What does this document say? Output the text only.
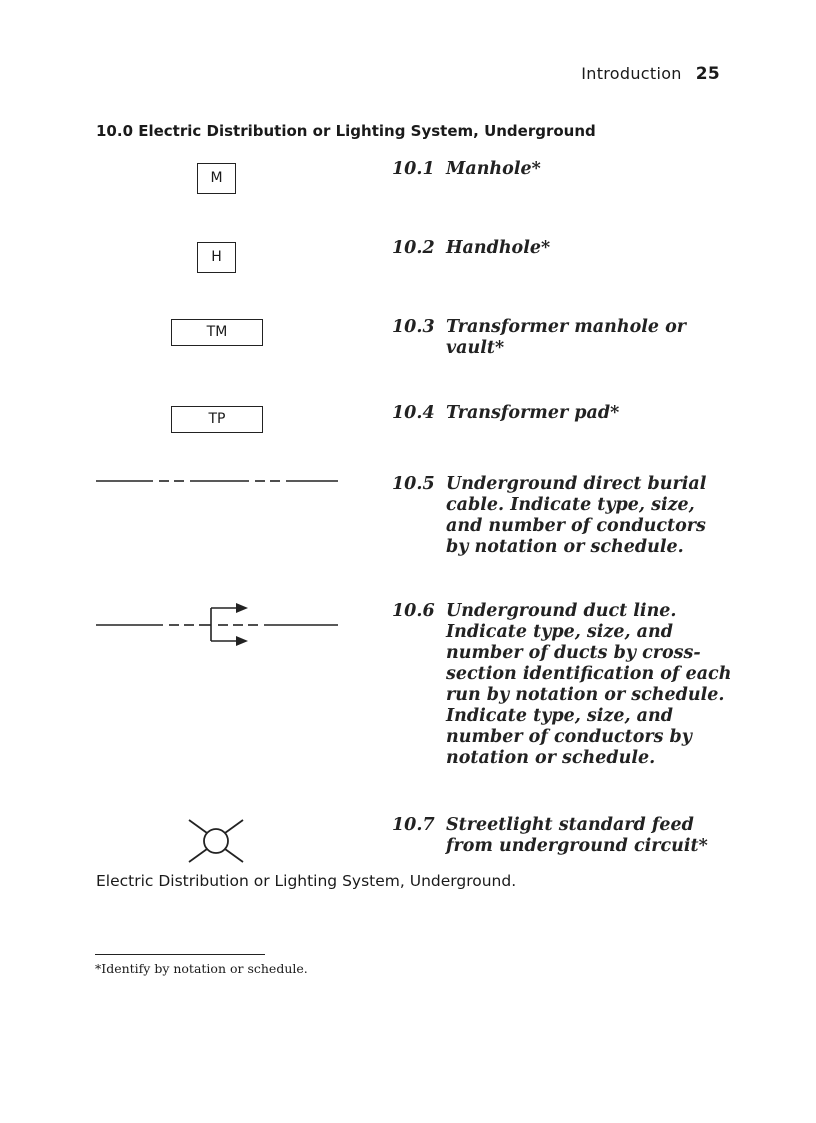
Introduction 25
10.0 Electric Distribution or Lighting System, Underground
M	10.1 Manhole*
H	10.2 Handhole*
TM	10.3 Transformer manhole or vault*
TP	10.4 Transformer pad*
10.5 Underground direct burial cable. Indicate type, size, and number of conductors by notation or schedule.
10.6 Underground duct line. Indicate type, size, and number of ducts by cross-section identification of each run by notation or schedule. Indicate type, size, and number of conductors by notation or schedule.
10.7 Streetlight standard feed from underground circuit*
Electric Distribution or Lighting System, Underground.
*Identify by notation or schedule.
